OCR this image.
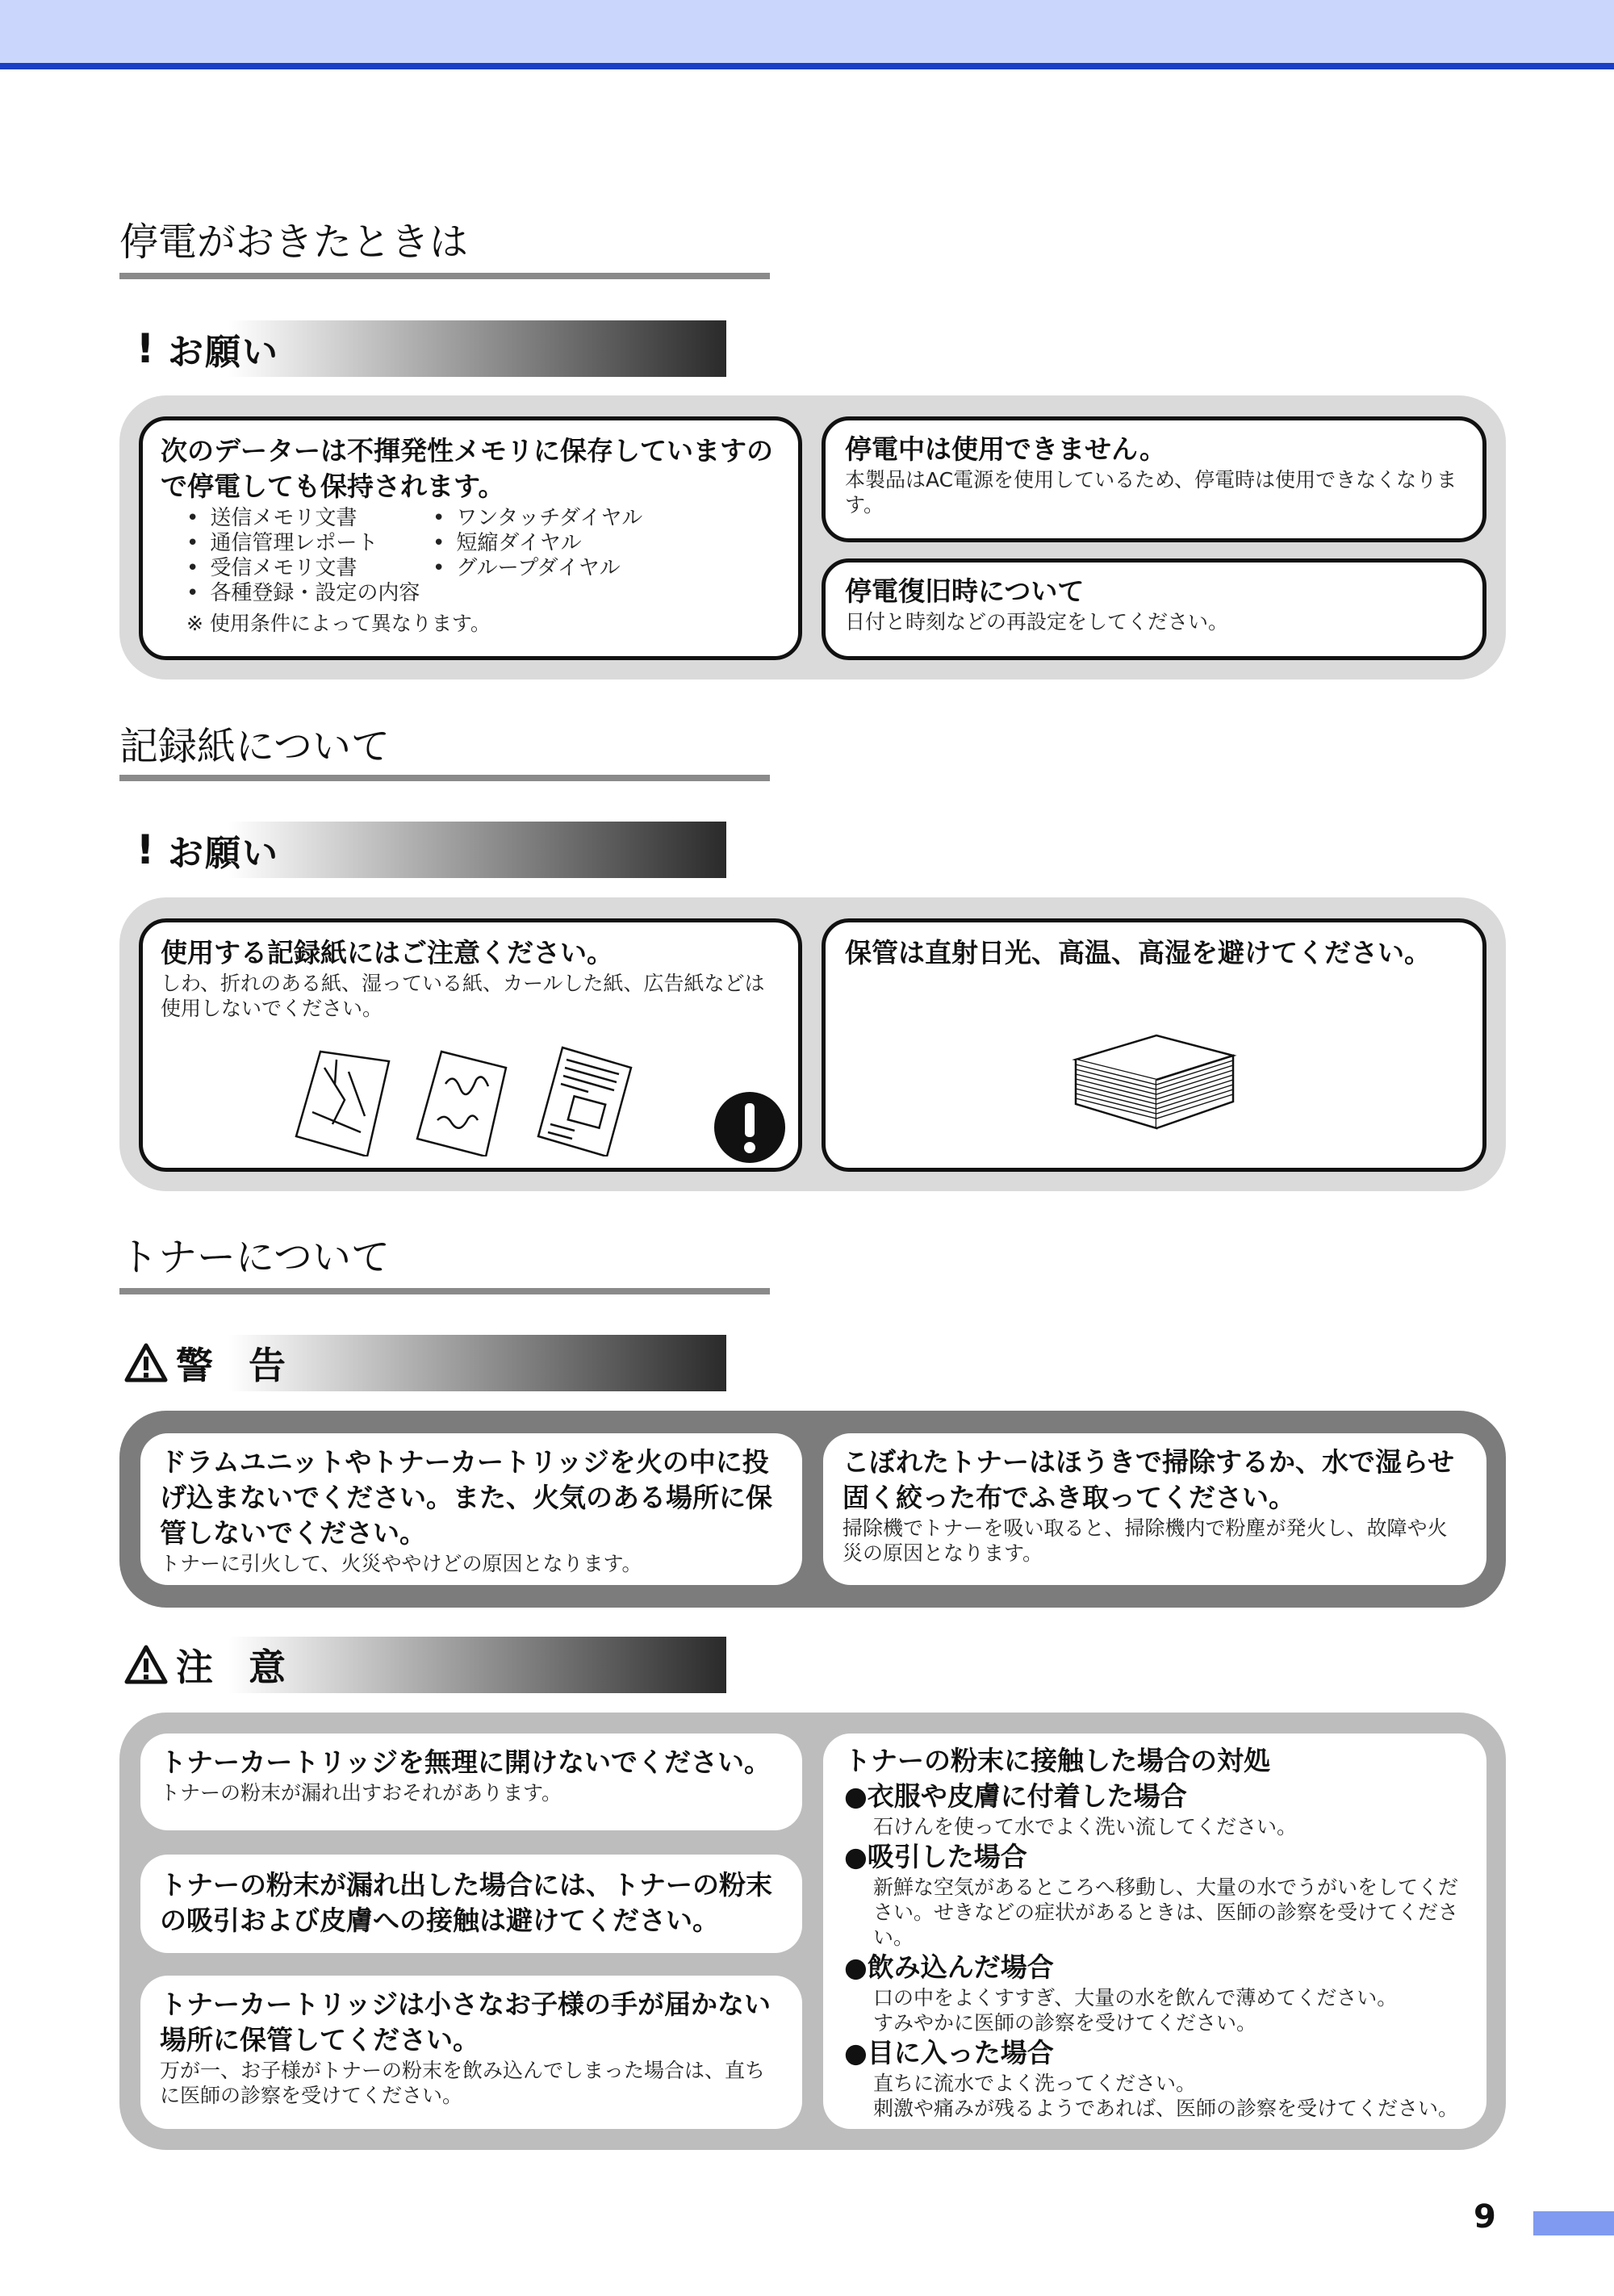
停電がおきたときは
! お願い
次のデーターは不揮発性メモリに保存していますので停電しても保持されます。
• 送信メモリ文書
• 通信管理レポート
• 受信メモリ文書
• 各種登録・設定の内容
• ワンタッチダイヤル
• 短縮ダイヤル
• グループダイヤル
※ 使用条件によって異なります。
停電中は使用できません。
本製品はAC電源を使用しているため、停電時は使用できなくなります。
停電復旧時について
日付と時刻などの再設定をしてください。
記録紙について
! お願い
使用する記録紙にはご注意ください。
しわ、折れのある紙、湿っている紙、カールした紙、広告紙などは使用しないでください。
保管は直射日光、高温、高湿を避けてください。
トナーについて
警 告
ドラムユニットやトナーカートリッジを火の中に投げ込まないでください。また、火気のある場所に保管しないでください。
トナーに引火して、火災ややけどの原因となります。
こぼれたトナーはほうきで掃除するか、水で湿らせ固く絞った布でふき取ってください。
掃除機でトナーを吸い取ると、掃除機内で粉塵が発火し、故障や火災の原因となります。
注 意
トナーカートリッジを無理に開けないでください。
トナーの粉末が漏れ出すおそれがあります。
トナーの粉末が漏れ出した場合には、トナーの粉末の吸引および皮膚への接触は避けてください。
トナーカートリッジは小さなお子様の手が届かない場所に保管してください。
万が一、お子様がトナーの粉末を飲み込んでしまった場合は、直ちに医師の診察を受けてください。
トナーの粉末に接触した場合の対処
●衣服や皮膚に付着した場合
石けんを使って水でよく洗い流してください。
●吸引した場合
新鮮な空気があるところへ移動し、大量の水でうがいをしてください。せきなどの症状があるときは、医師の診察を受けてください。
●飲み込んだ場合
口の中をよくすすぎ、大量の水を飲んで薄めてください。
すみやかに医師の診察を受けてください。
●目に入った場合
直ちに流水でよく洗ってください。
刺激や痛みが残るようであれば、医師の診察を受けてください。
9
